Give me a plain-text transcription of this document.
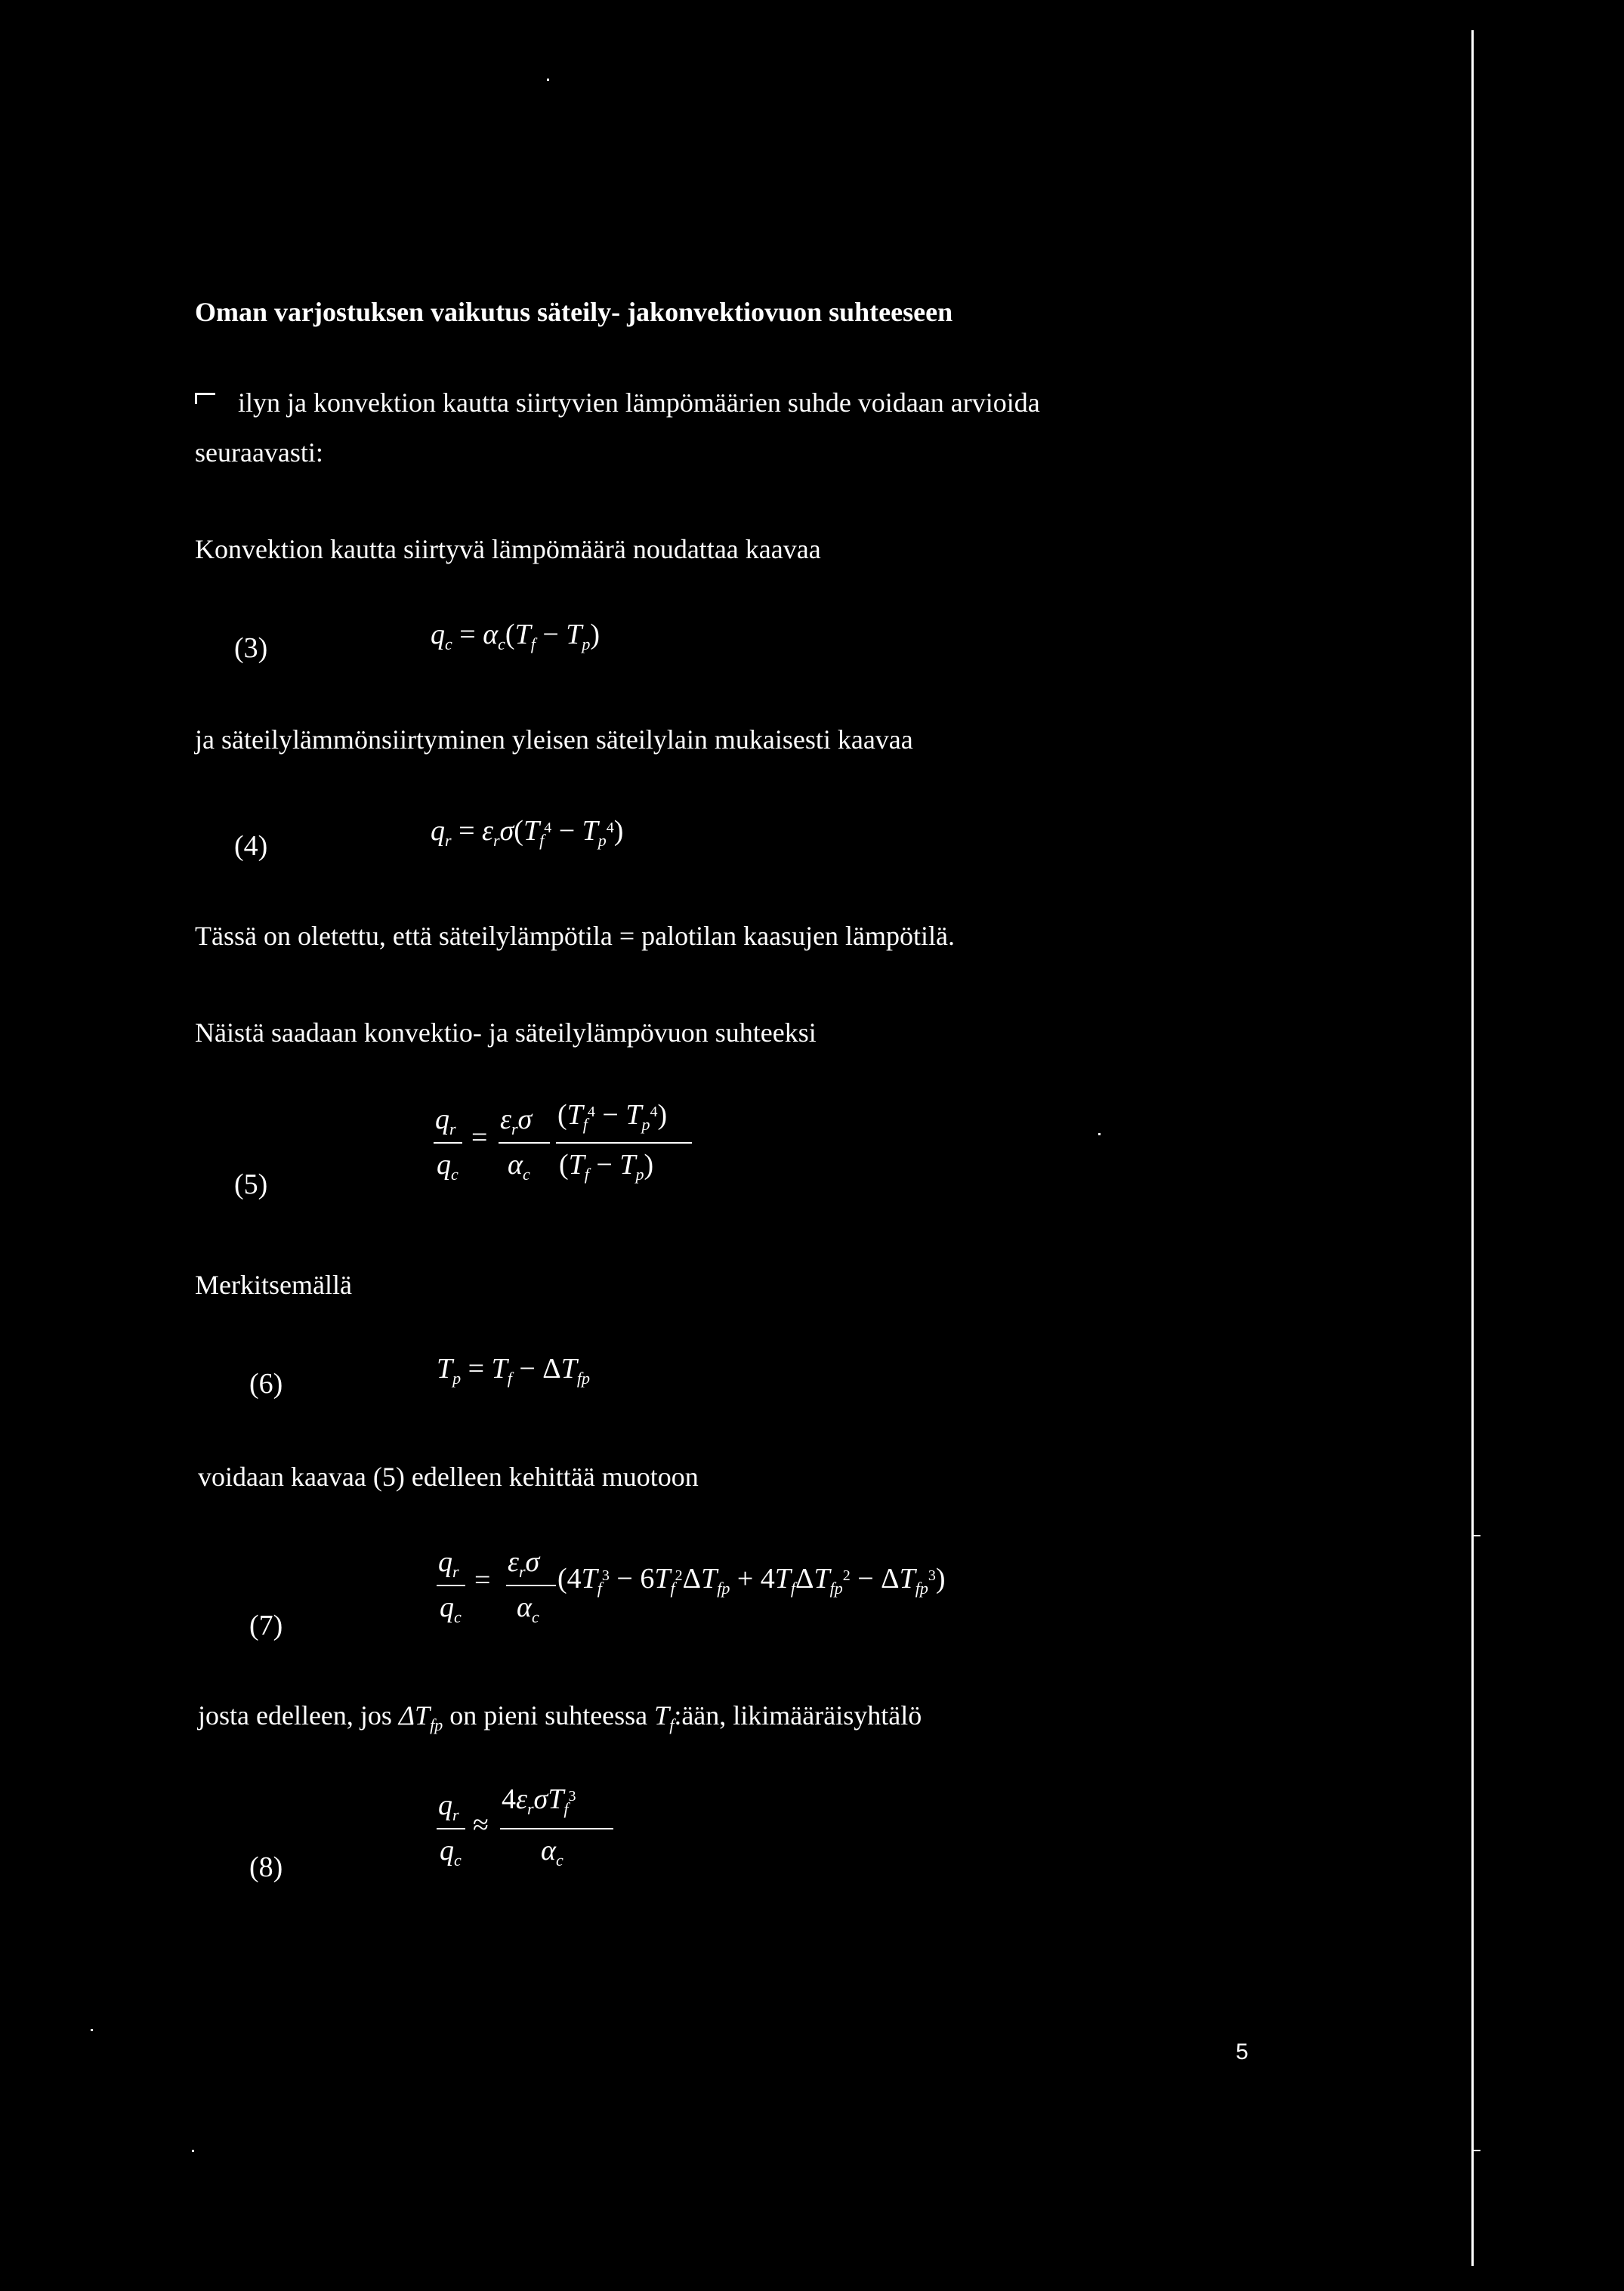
Oman varjostuksen vaikutus säteily- jakonvektiovuon suhteeseen
ilyn ja konvektion kautta siirtyvien lämpömäärien suhde voidaan arvioida
seuraavasti:
Konvektion kautta siirtyvä lämpömäärä noudattaa kaavaa
(3)	$q_c = \alpha_c(T_f - T_p)$
ja säteilylämmönsiirtyminen yleisen säteilylain mukaisesti kaavaa
(4)	$q_r = \varepsilon_r\sigma(T_f^4 - T_p^4)$
Tässä on oletettu, että säteilylämpötila = palotilan kaasujen lämpötilä.
Näistä saadaan konvektio- ja säteilylämpövuon suhteeksi
(5)
$q_r$
$q_c$
=
$\varepsilon_r\sigma$
$\alpha_c$
$(T_f^4 - T_p^4)$
$(T_f - T_p)$
Merkitsemällä
(6)	$T_p = T_f - \Delta T_{fp}$
voidaan kaavaa (5) edelleen kehittää muotoon
(7)
$q_r$
$q_c$
=
$\varepsilon_r\sigma$
$\alpha_c$
$(4T_f^3 - 6T_f^2\Delta T_{fp} + 4T_f\Delta T_{fp}^2 - \Delta T_{fp}^3)$
josta edelleen, jos $\Delta T_{fp}$ on pieni suhteessa $T_f:ään$, likimääräisyhtälö
(8)
$q_r$
$q_c$
≈
$4\varepsilon_r\sigma T_f^3$
$\alpha_c$
5
